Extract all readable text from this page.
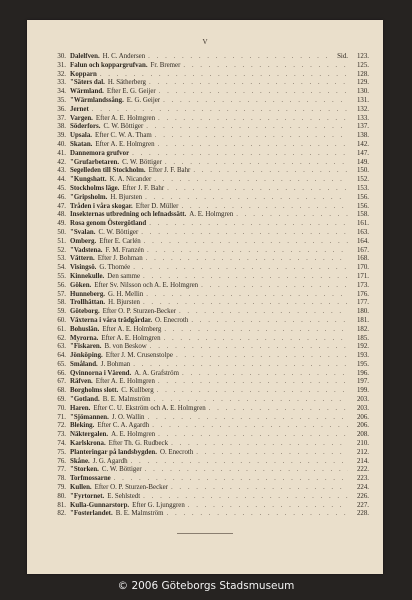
V
30. Dalelfven. H. C. Andersen . . .	Sid.	123.
31. Falun och koppargrufvan. Fr. Bremer . . .	125.
32. Kopparn . . .	128.
33. "Säters dal. H. Sätherberg . . .	129.
34. Wärmland. Efter E. G. Geijer . . .	130.
35. "Wärmlandssång. E. G. Geijer . . .	131.
36. Jernet . . .	132.
37. Vargen. Efter A. E. Holmgren . . .	133.
38. Söderfors. C. W. Böttiger . . .	137.
39. Upsala. Efter C. W. A. Tham . . .	138.
40. Skatan. Efter A. E. Holmgren . . .	142.
41. Dannemora grufvor . . .	147.
42. "Grufarbetaren. C. W. Böttiger . . .	149.
43. Segelleden till Stockholm. Efter J. F. Bahr . . .	150.
44. "Kungshatt. K. A. Nicander . . .	152.
45. Stockholms läge. Efter J. F. Bahr . . .	153.
46. "Gripsholm. H. Bjursten . . .	156.
47. Tråden i våra skogar. Efter D. Müller . . .	156.
48. Insekternas utbredning och lefnadssätt. A. E. Holmgren . . .	158.
49. Rosa genom Östergötland . . .	161.
50. "Svalan. C. W. Böttiger . . .	163.
51. Omberg. Efter E. Carlén . . .	164.
52. "Vadstena. F. M. Franzén . . .	167.
53. Vättern. Efter J. Bohman . . .	168.
54. Visingsö. G. Thomée . . .	170.
55. Kinnekulle. Den samme . . .	171.
56. Göken. Efter Sv. Nilsson och A. E. Holmgren . . .	173.
57. Hunneberg. G. H. Mellin . . .	176.
58. Trollhättan. H. Bjursten . . .	177.
59. Göteborg. Efter O. P. Sturzen-Becker . . .	180.
60. Växterna i våra trädgårdar. O. Enecroth . . .	181.
61. Bohuslän. Efter A. E. Holmberg . . .	182.
62. Myrorna. Efter A. E. Holmgren . . .	185.
63. "Fiskaren. B. von Beskow . . .	192.
64. Jönköping. Efter J. M. Crusenstolpe . . .	193.
65. Småland. J. Bohman . . .	195.
66. Qvinnorna i Värend. A. A. Grafström . . .	196.
67. Räfven. Efter A. E. Holmgren . . .	197.
68. Borgholms slott. C. Kullberg . . .	199.
69. "Gotland. B. E. Malmström . . .	203.
70. Haren. Efter C. U. Ekström och A. E. Holmgren . . .	203.
71. "Sjömannen. J. O. Wallin . . .	206.
72. Bleking. Efter C. A. Agardh . . .	206.
73. Näktergalen. A. E. Holmgren . . .	208.
74. Karlskrona. Efter Th. G. Rudbeck . . .	210.
75. Planteringar på landsbygden. O. Enecroth . . .	212.
76. Skåne. J. G. Agardh . . .	214.
77. "Storken. C. W. Böttiger . . .	222.
78. Torfmossarne . . .	223.
79. Kullen. Efter O. P. Sturzen-Becker . . .	224.
80. "Fyrtornet. E. Sehlstedt . . .	226.
81. Kulla-Gunnarstorp. Efter G. Ljunggren . . .	227.
82. "Fosterlandet. B. E. Malmström . . .	228.
© 2006 Göteborgs Stadsmuseum
